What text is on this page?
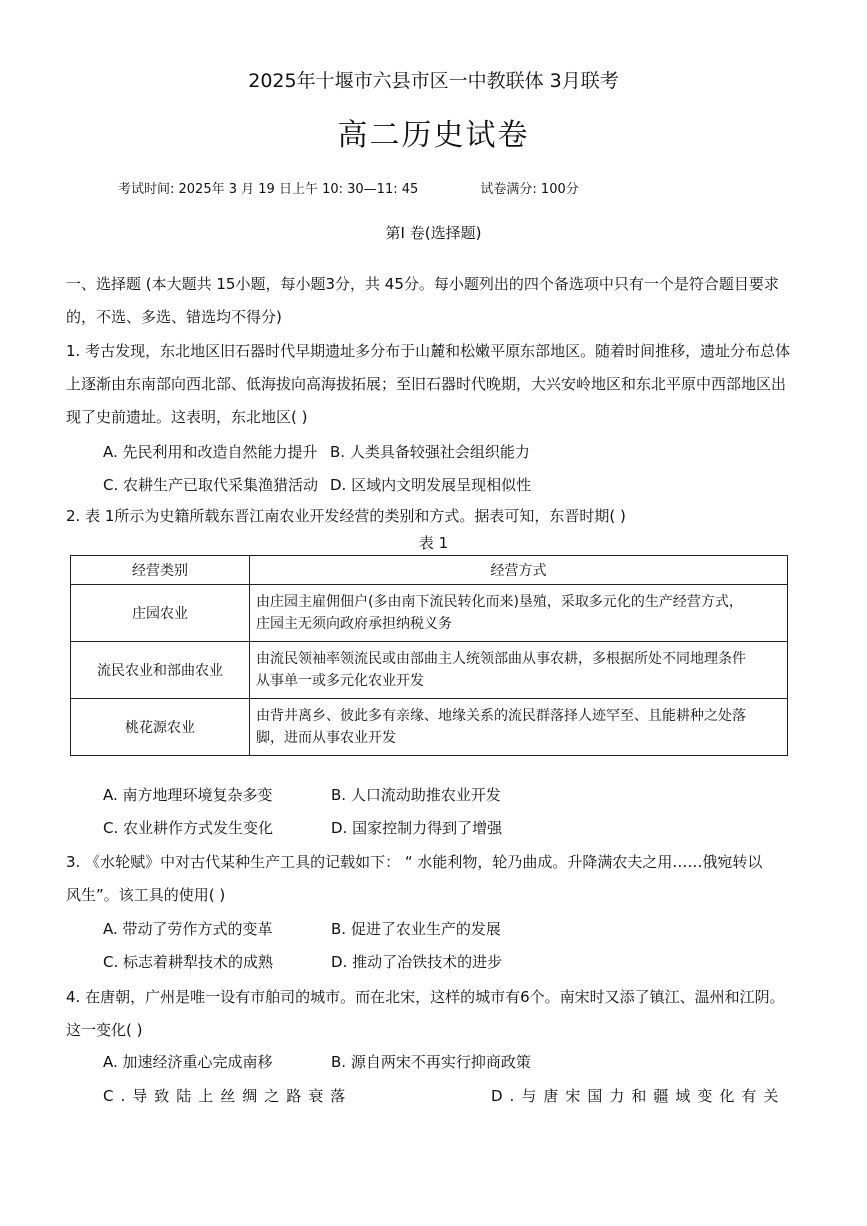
2025年十堰市六县市区一中教联体 3月联考
高二历史试卷
考试时间: 2025年 3 月 19 日上午 10: 30—11: 45	试卷满分: 100分
第Ⅰ 卷(选择题)
一、选择题 (本大题共 15小题，每小题3分，共 45分。每小题列出的四个备选项中只有一个是符合题目要求
的，不选、多选、错选均不得分)
1. 考古发现，东北地区旧石器时代早期遗址多分布于山麓和松嫩平原东部地区。随着时间推移，遗址分布总体
上逐渐由东南部向西北部、低海拔向高海拔拓展；至旧石器时代晚期，大兴安岭地区和东北平原中西部地区出
现了史前遗址。这表明，东北地区( )
A. 先民利用和改造自然能力提升 B. 人类具备较强社会组织能力
C. 农耕生产已取代采集渔猎活动 D. 区域内文明发展呈现相似性
2. 表 1所示为史籍所载东晋江南农业开发经营的类别和方式。据表可知，东晋时期( )
表 1
经营类别	经营方式
庄园农业	由庄园主雇佣佃户(多由南下流民转化而来)垦殖，采取多元化的生产经营方式，
庄园主无须向政府承担纳税义务

流民农业和部曲农业	由流民领袖率领流民或由部曲主人统领部曲从事农耕，多根据所处不同地理条件
从事单一或多元化农业开发

桃花源农业	由背井离乡、彼此多有亲缘、地缘关系的流民群落择人迹罕至、且能耕种之处落
脚，进而从事农业开发
A. 南方地理环境复杂多变	B. 人口流动助推农业开发
C. 农业耕作方式发生变化	D. 国家控制力得到了增强
3. 《水轮赋》中对古代某种生产工具的记载如下： “ 水能利物，轮乃曲成。升降满农夫之用……俄宛转以
风生”。该工具的使用( )
A. 带动了劳作方式的变革	B. 促进了农业生产的发展
C. 标志着耕犁技术的成熟	D. 推动了冶铁技术的进步
4. 在唐朝，广州是唯一设有市舶司的城市。而在北宋，这样的城市有6个。南宋时又添了镇江、温州和江阴。
这一变化( )
A. 加速经济重心完成南移	B. 源自两宋不再实行抑商政策
C.导致陆上丝绸之路衰落	D.与唐宋国力和疆域变化有关
